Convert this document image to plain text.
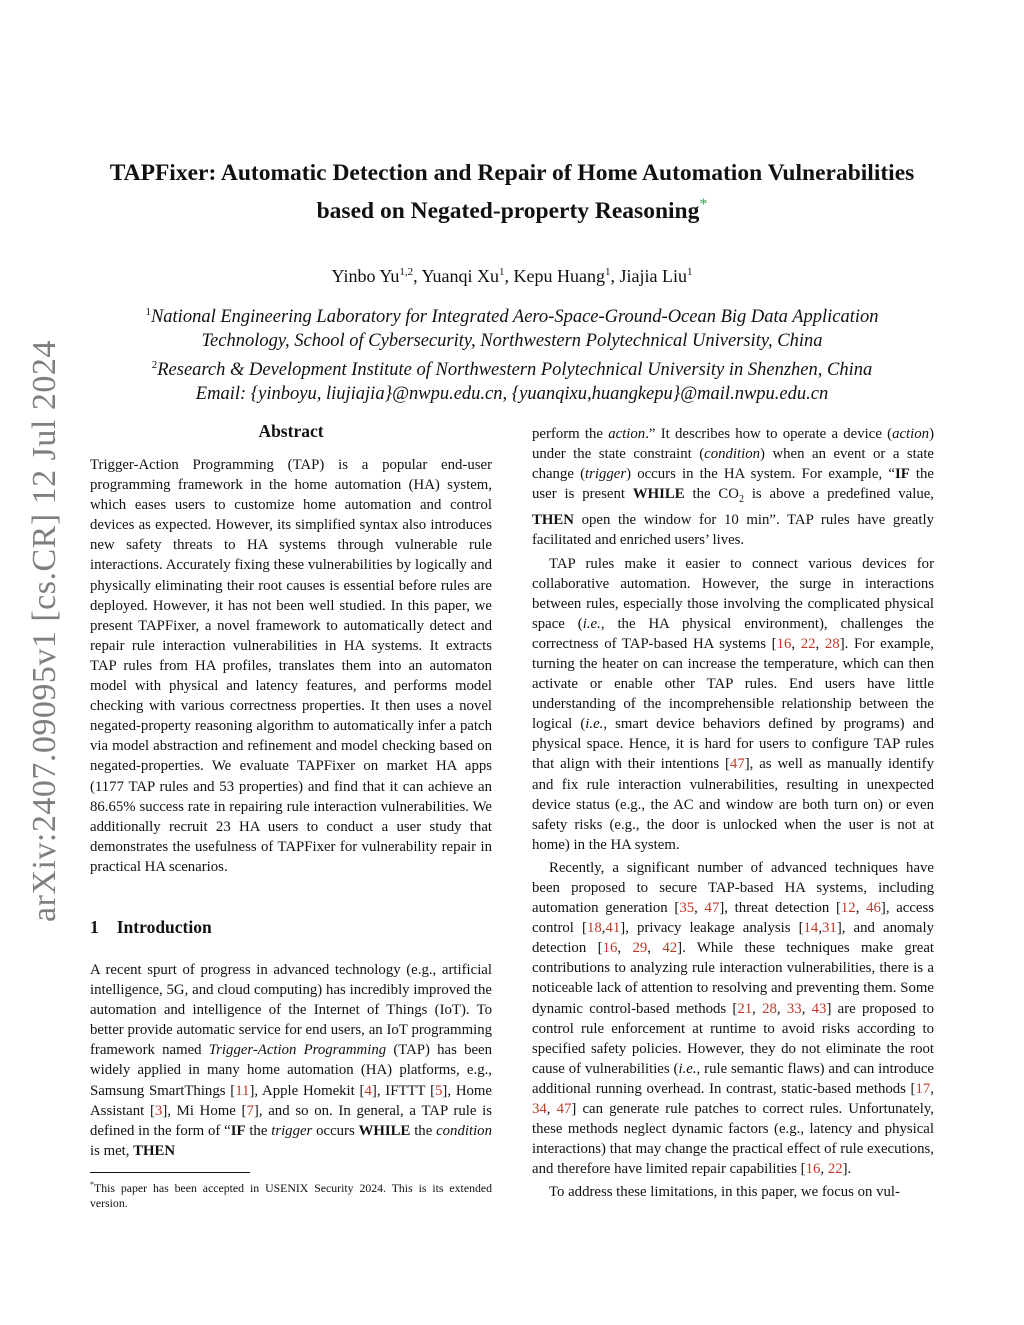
arXiv:2407.09095v1 [cs.CR] 12 Jul 2024
TAPFixer: Automatic Detection and Repair of Home Automation Vulnerabilities
based on Negated-property Reasoning*
Yinbo Yu$^{1,2}$, Yuanqi Xu$^1$, Kepu Huang$^1$, Jiajia Liu$^1$
$^1$National Engineering Laboratory for Integrated Aero-Space-Ground-Ocean Big Data Application
Technology, School of Cybersecurity, Northwestern Polytechnical University, China
$^2$Research & Development Institute of Northwestern Polytechnical University in Shenzhen, China
Email: {yinboyu, liujiajia}@nwpu.edu.cn, {yuanqixu,huangkepu}@mail.nwpu.edu.cn
Abstract

Trigger-Action Programming (TAP) is a popular end-user programming framework in the home automation (HA) system, which eases users to customize home automation and control devices as expected. However, its simplified syntax also introduces new safety threats to HA systems through vulnerable rule interactions. Accurately fixing these vulnerabilities by logically and physically eliminating their root causes is essential before rules are deployed. However, it has not been well studied. In this paper, we present TAPFixer, a novel framework to automatically detect and repair rule interaction vulnerabilities in HA systems. It extracts TAP rules from HA profiles, translates them into an automaton model with physical and latency features, and performs model checking with various correctness properties. It then uses a novel negated-property reasoning algorithm to automatically infer a patch via model abstraction and refinement and model checking based on negated-properties. We evaluate TAPFixer on market HA apps (1177 TAP rules and 53 properties) and find that it can achieve an 86.65% success rate in repairing rule interaction vulnerabilities. We additionally recruit 23 HA users to conduct a user study that demonstrates the usefulness of TAPFixer for vulnerability repair in practical HA scenarios.

1 Introduction

A recent spurt of progress in advanced technology (e.g., artificial intelligence, 5G, and cloud computing) has incredibly improved the automation and intelligence of the Internet of Things (IoT). To better provide automatic service for end users, an IoT programming framework named Trigger-Action Programming (TAP) has been widely applied in many home automation (HA) platforms, e.g., Samsung SmartThings [11], Apple Homekit [4], IFTTT [5], Home Assistant [3], Mi Home [7], and so on. In general, a TAP rule is defined in the form of “IF the trigger occurs WHILE the condition is met, THEN

*This paper has been accepted in USENIX Security 2024. This is its extended version.

perform the action.” It describes how to operate a device (action) under the state constraint (condition) when an event or a state change (trigger) occurs in the HA system. For example, “IF the user is present WHILE the $CO_2$ is above a predefined value, THEN open the window for 10 min”. TAP rules have greatly facilitated and enriched users’ lives.

TAP rules make it easier to connect various devices for collaborative automation. However, the surge in interactions between rules, especially those involving the complicated physical space (i.e., the HA physical environment), challenges the correctness of TAP-based HA systems [16, 22, 28]. For example, turning the heater on can increase the temperature, which can then activate or enable other TAP rules. End users have little understanding of the incomprehensible relationship between the logical (i.e., smart device behaviors defined by programs) and physical space. Hence, it is hard for users to configure TAP rules that align with their intentions [47], as well as manually identify and fix rule interaction vulnerabilities, resulting in unexpected device status (e.g., the AC and window are both turn on) or even safety risks (e.g., the door is unlocked when the user is not at home) in the HA system.

Recently, a significant number of advanced techniques have been proposed to secure TAP-based HA systems, including automation generation [35, 47], threat detection [12, 46], access control [18,41], privacy leakage analysis [14,31], and anomaly detection [16, 29, 42]. While these techniques make great contributions to analyzing rule interaction vulnerabilities, there is a noticeable lack of attention to resolving and preventing them. Some dynamic control-based methods [21, 28, 33, 43] are proposed to control rule enforcement at runtime to avoid risks according to specified safety policies. However, they do not eliminate the root cause of vulnerabilities (i.e., rule semantic flaws) and can introduce additional running overhead. In contrast, static-based methods [17, 34, 47] can generate rule patches to correct rules. Unfortunately, these methods neglect dynamic factors (e.g., latency and physical interactions) that may change the practical effect of rule executions, and therefore have limited repair capabilities [16, 22].

To address these limitations, in this paper, we focus on vul-
